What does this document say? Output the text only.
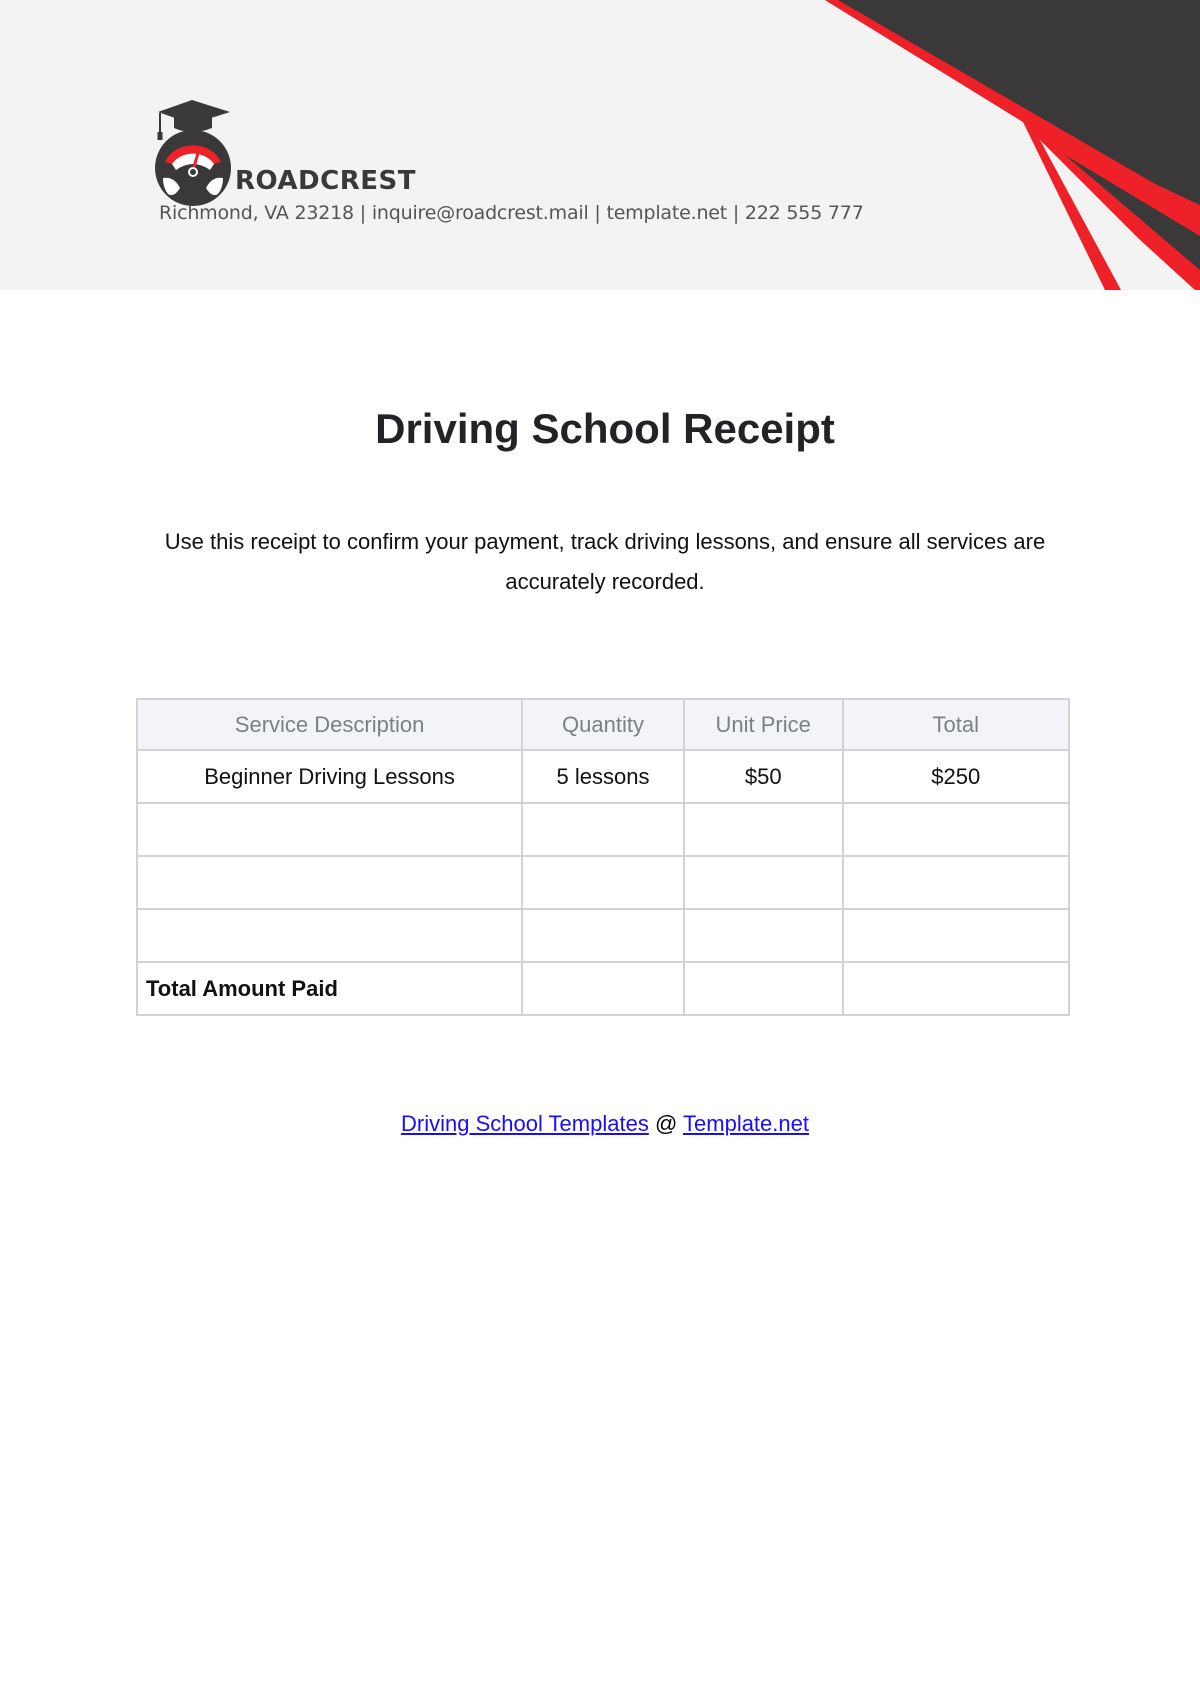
ROADCREST
Richmond, VA 23218 | inquire@roadcrest.mail | template.net | 222 555 777
Driving School Receipt

Use this receipt to confirm your payment, track driving lessons, and ensure all services are accurately recorded.

Service Description	Quantity	Unit Price	Total
Beginner Driving Lessons	5 lessons	$50	$250

Total Amount Paid			
Driving School Templates @ Template.net
